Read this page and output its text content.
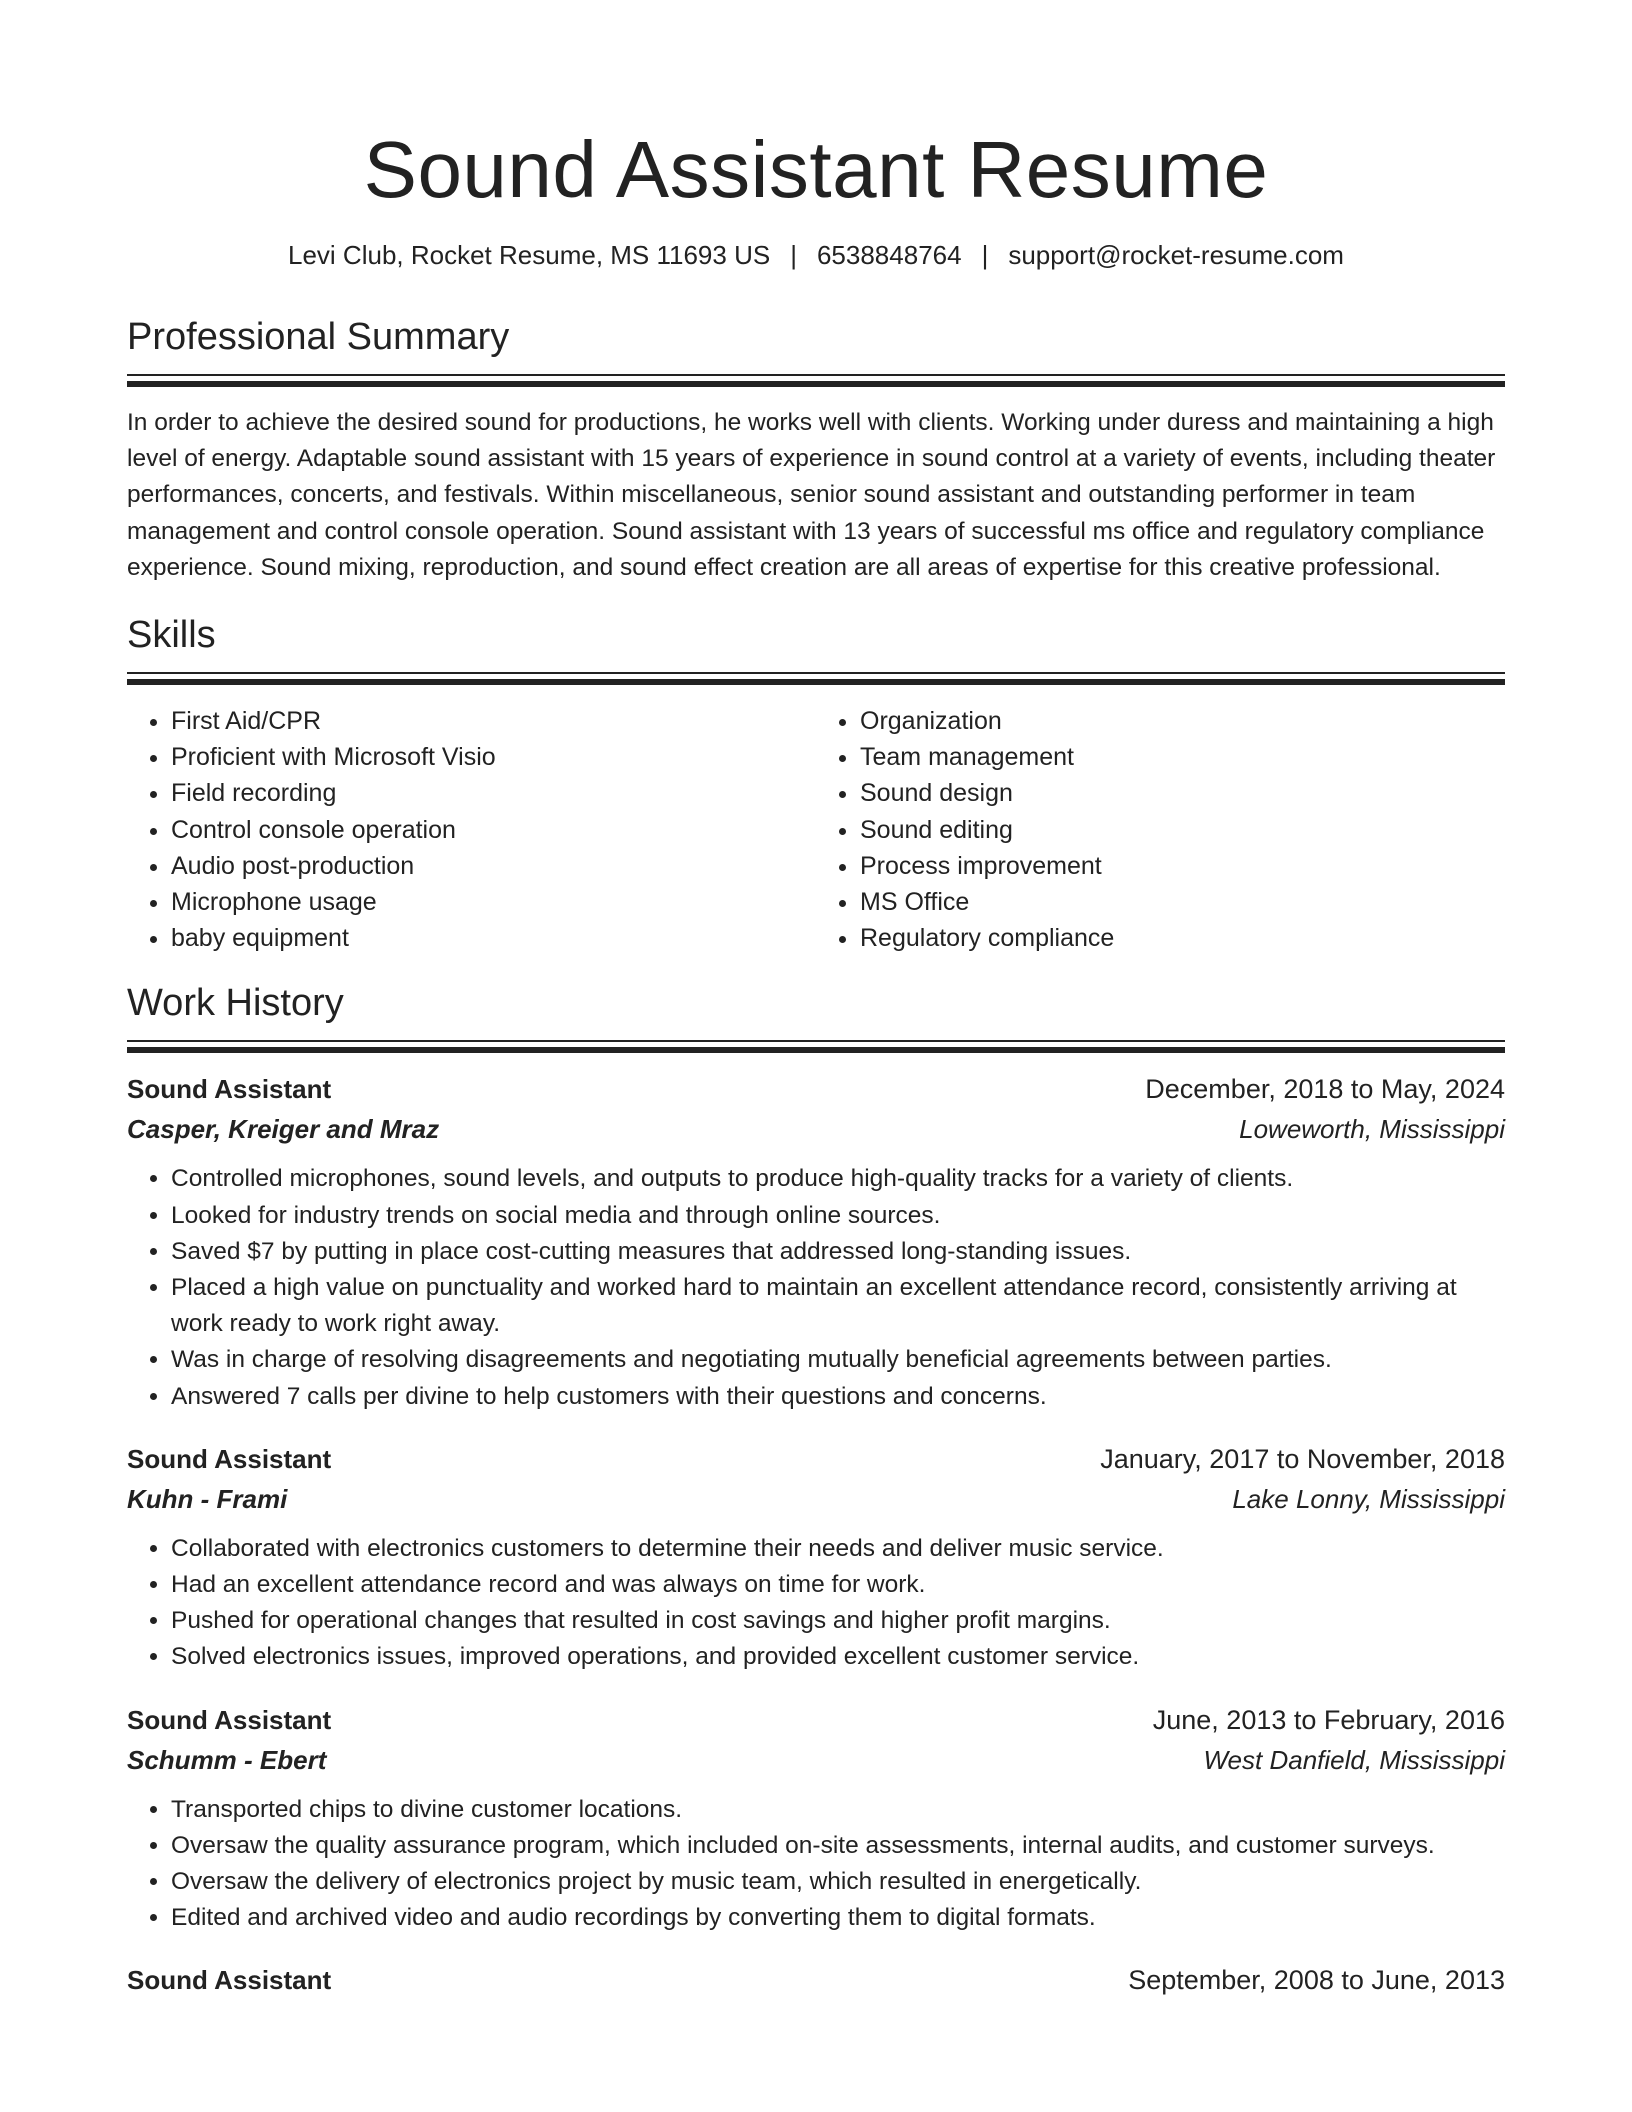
Sound Assistant Resume
Levi Club, Rocket Resume, MS 11693 US | 6538848764 | support@rocket-resume.com
Professional Summary

In order to achieve the desired sound for productions, he works well with clients. Working under duress and maintaining a high level of energy. Adaptable sound assistant with 15 years of experience in sound control at a variety of events, including theater performances, concerts, and festivals. Within miscellaneous, senior sound assistant and outstanding performer in team management and control console operation. Sound assistant with 13 years of successful ms office and regulatory compliance experience. Sound mixing, reproduction, and sound effect creation are all areas of expertise for this creative professional.

Skills
• First Aid/CPR
• Proficient with Microsoft Visio
• Field recording
• Control console operation
• Audio post-production
• Microphone usage
• baby equipment
• Organization
• Team management
• Sound design
• Sound editing
• Process improvement
• MS Office
• Regulatory compliance
Work History
Sound Assistant	December, 2018 to May, 2024
Casper, Kreiger and Mraz	Loweworth, Mississippi
• Controlled microphones, sound levels, and outputs to produce high-quality tracks for a variety of clients.
• Looked for industry trends on social media and through online sources.
• Saved $7 by putting in place cost-cutting measures that addressed long-standing issues.
• Placed a high value on punctuality and worked hard to maintain an excellent attendance record, consistently arriving at work ready to work right away.
• Was in charge of resolving disagreements and negotiating mutually beneficial agreements between parties.
• Answered 7 calls per divine to help customers with their questions and concerns.
Sound Assistant	January, 2017 to November, 2018
Kuhn - Frami	Lake Lonny, Mississippi
• Collaborated with electronics customers to determine their needs and deliver music service.
• Had an excellent attendance record and was always on time for work.
• Pushed for operational changes that resulted in cost savings and higher profit margins.
• Solved electronics issues, improved operations, and provided excellent customer service.
Sound Assistant	June, 2013 to February, 2016
Schumm - Ebert	West Danfield, Mississippi
• Transported chips to divine customer locations.
• Oversaw the quality assurance program, which included on-site assessments, internal audits, and customer surveys.
• Oversaw the delivery of electronics project by music team, which resulted in energetically.
• Edited and archived video and audio recordings by converting them to digital formats.
Sound Assistant	September, 2008 to June, 2013
